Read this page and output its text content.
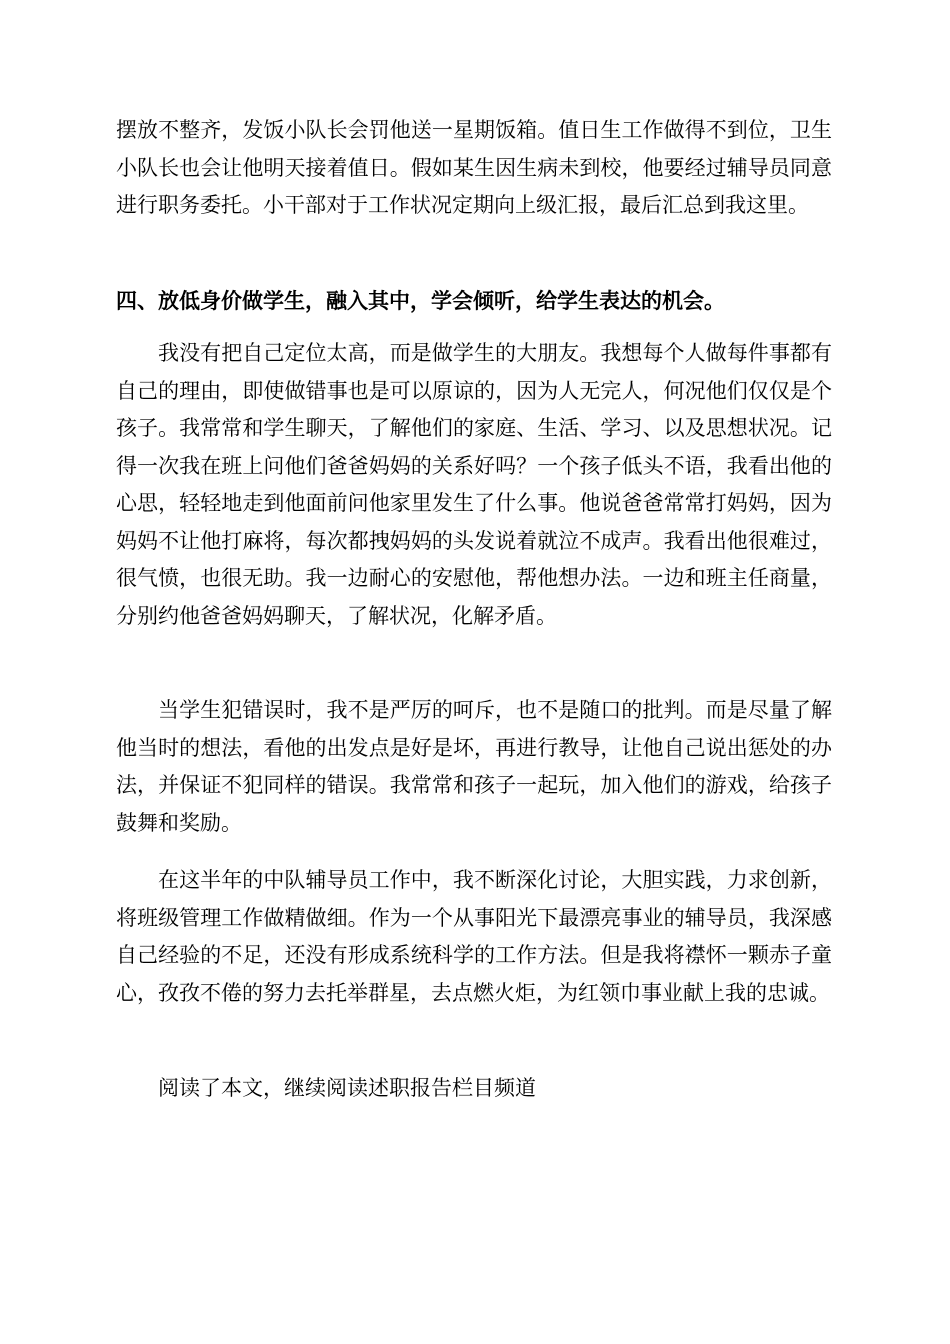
摆放不整齐，发饭小队长会罚他送一星期饭箱。值日生工作做得不到位，卫生小队长也会让他明天接着值日。假如某生因生病未到校，他要经过辅导员同意进行职务委托。小干部对于工作状况定期向上级汇报，最后汇总到我这里。

四、放低身价做学生，融入其中，学会倾听，给学生表达的机会。

我没有把自己定位太高，而是做学生的大朋友。我想每个人做每件事都有自己的理由，即使做错事也是可以原谅的，因为人无完人，何况他们仅仅是个孩子。我常常和学生聊天，了解他们的家庭、生活、学习、以及思想状况。记得一次我在班上问他们爸爸妈妈的关系好吗？一个孩子低头不语，我看出他的心思，轻轻地走到他面前问他家里发生了什么事。他说爸爸常常打妈妈，因为妈妈不让他打麻将，每次都拽妈妈的头发说着就泣不成声。我看出他很难过，很气愤，也很无助。我一边耐心的安慰他，帮他想办法。一边和班主任商量，分别约他爸爸妈妈聊天，了解状况，化解矛盾。

当学生犯错误时，我不是严厉的呵斥，也不是随口的批判。而是尽量了解他当时的想法，看他的出发点是好是坏，再进行教导，让他自己说出惩处的办法，并保证不犯同样的错误。我常常和孩子一起玩，加入他们的游戏，给孩子鼓舞和奖励。

在这半年的中队辅导员工作中，我不断深化讨论，大胆实践，力求创新，将班级管理工作做精做细。作为一个从事阳光下最漂亮事业的辅导员，我深感自己经验的不足，还没有形成系统科学的工作方法。但是我将襟怀一颗赤子童心，孜孜不倦的努力去托举群星，去点燃火炬，为红领巾事业献上我的忠诚。

阅读了本文，继续阅读述职报告栏目频道
